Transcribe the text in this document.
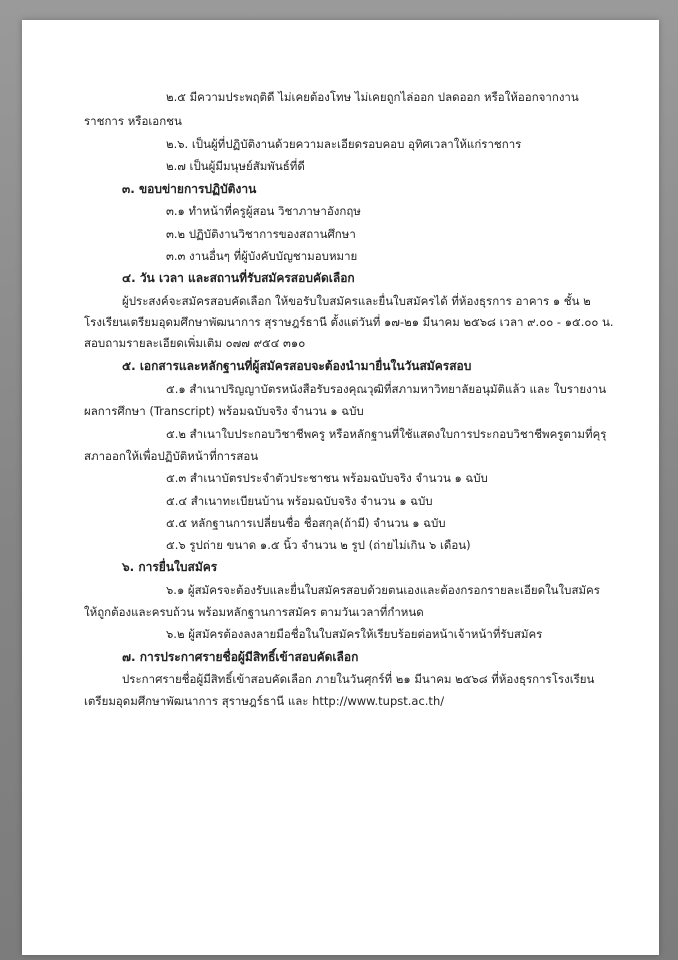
๒.๕ มีความประพฤติดี ไม่เคยต้องโทษ ไม่เคยถูกไล่ออก ปลดออก หรือให้ออกจากงาน
ราชการ หรือเอกชน
๒.๖. เป็นผู้ที่ปฏิบัติงานด้วยความละเอียดรอบคอบ อุทิศเวลาให้แก่ราชการ
๒.๗ เป็นผู้มีมนุษย์สัมพันธ์ที่ดี
๓. ขอบข่ายการปฏิบัติงาน
๓.๑ ทำหน้าที่ครูผู้สอน วิชาภาษาอังกฤษ
๓.๒ ปฏิบัติงานวิชาการของสถานศึกษา
๓.๓ งานอื่นๆ ที่ผู้บังคับบัญชามอบหมาย
๔. วัน เวลา และสถานที่รับสมัครสอบคัดเลือก
ผู้ประสงค์จะสมัครสอบคัดเลือก ให้ขอรับใบสมัครและยื่นใบสมัครได้ ที่ห้องธุรการ อาคาร ๑ ชั้น ๒
โรงเรียนเตรียมอุดมศึกษาพัฒนาการ สุราษฎร์ธานี ตั้งแต่วันที่ ๑๗-๒๑ มีนาคม ๒๕๖๘ เวลา ๙.๐๐ - ๑๕.๐๐ น.
สอบถามรายละเอียดเพิ่มเติม ๐๗๗ ๙๕๔ ๓๑๐
๕. เอกสารและหลักฐานที่ผู้สมัครสอบจะต้องนำมายื่นในวันสมัครสอบ
๕.๑ สำเนาปริญญาบัตรหนังสือรับรองคุณวุฒิที่สภามหาวิทยาลัยอนุมัติแล้ว และ ใบรายงาน
ผลการศึกษา (Transcript) พร้อมฉบับจริง จำนวน ๑ ฉบับ
๕.๒ สำเนาใบประกอบวิชาชีพครู หรือหลักฐานที่ใช้แสดงใบการประกอบวิชาชีพครูตามที่คุรุ
สภาออกให้เพื่อปฏิบัติหน้าที่การสอน
๕.๓ สำเนาบัตรประจำตัวประชาชน พร้อมฉบับจริง จำนวน ๑ ฉบับ
๕.๔ สำเนาทะเบียนบ้าน พร้อมฉบับจริง จำนวน ๑ ฉบับ
๕.๕ หลักฐานการเปลี่ยนชื่อ ชื่อสกุล(ถ้ามี) จำนวน ๑ ฉบับ
๕.๖ รูปถ่าย ขนาด ๑.๕ นิ้ว จำนวน ๒ รูป (ถ่ายไม่เกิน ๖ เดือน)
๖. การยื่นใบสมัคร
๖.๑ ผู้สมัครจะต้องรับและยื่นใบสมัครสอบด้วยตนเองและต้องกรอกรายละเอียดในใบสมัคร
ให้ถูกต้องและครบถ้วน พร้อมหลักฐานการสมัคร ตามวันเวลาที่กำหนด
๖.๒ ผู้สมัครต้องลงลายมือชื่อในใบสมัครให้เรียบร้อยต่อหน้าเจ้าหน้าที่รับสมัคร
๗. การประกาศรายชื่อผู้มีสิทธิ์เข้าสอบคัดเลือก
ประกาศรายชื่อผู้มีสิทธิ์เข้าสอบคัดเลือก ภายในวันศุกร์ที่ ๒๑ มีนาคม ๒๕๖๘ ที่ห้องธุรการโรงเรียน
เตรียมอุดมศึกษาพัฒนาการ สุราษฎร์ธานี และ http://www.tupst.ac.th/
